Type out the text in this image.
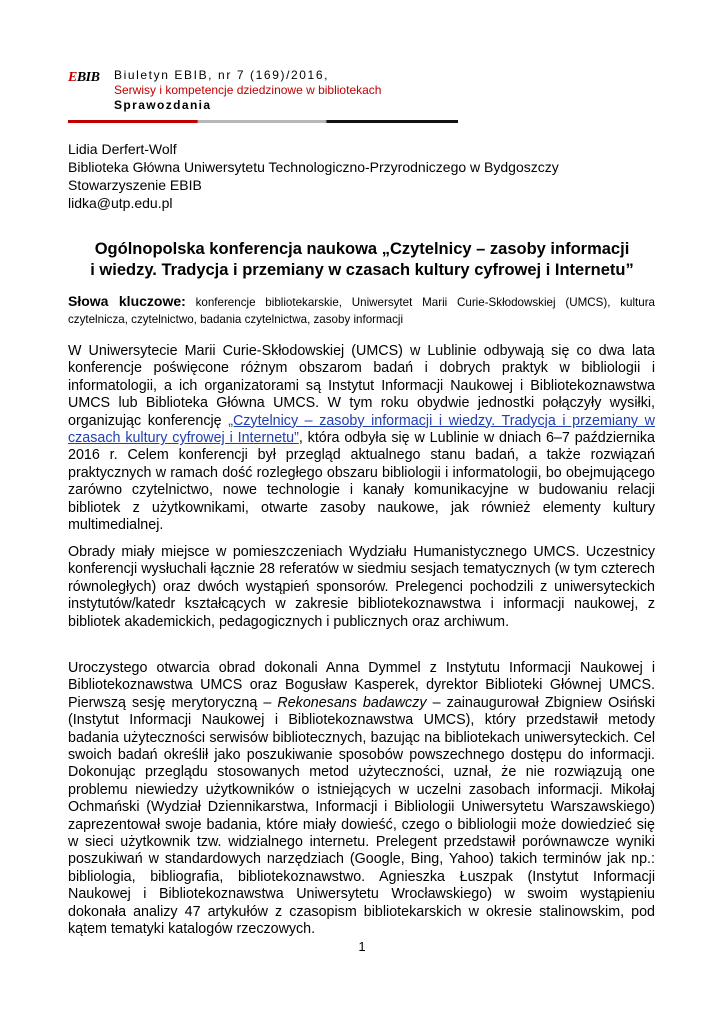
EBIB Biuletyn EBIB, nr 7 (169)/2016,
Serwisy i kompetencje dziedzinowe w bibliotekach
Sprawozdania
Lidia Derfert-Wolf
Biblioteka Główna Uniwersytetu Technologiczno-Przyrodniczego w Bydgoszczy
Stowarzyszenie EBIB
lidka@utp.edu.pl
Ogólnopolska konferencja naukowa „Czytelnicy – zasoby informacji
i wiedzy. Tradycja i przemiany w czasach kultury cyfrowej i Internetu”
Słowa kluczowe: konferencje bibliotekarskie, Uniwersytet Marii Curie-Skłodowskiej (UMCS), kultura czytelnicza, czytelnictwo, badania czytelnictwa, zasoby informacji
W Uniwersytecie Marii Curie-Skłodowskiej (UMCS) w Lublinie odbywają się co dwa lata konferencje poświęcone różnym obszarom badań i dobrych praktyk w bibliologii i informatologii, a ich organizatorami są Instytut Informacji Naukowej i Bibliotekoznawstwa UMCS lub Biblioteka Główna UMCS. W tym roku obydwie jednostki połączyły wysiłki, organizując konferencję „Czytelnicy – zasoby informacji i wiedzy. Tradycja i przemiany w czasach kultury cyfrowej i Internetu”, która odbyła się w Lublinie w dniach 6–7 października 2016 r. Celem konferencji był przegląd aktualnego stanu badań, a także rozwiązań praktycznych w ramach dość rozległego obszaru bibliologii i informatologii, bo obejmującego zarówno czytelnictwo, nowe technologie i kanały komunikacyjne w budowaniu relacji bibliotek z użytkownikami, otwarte zasoby naukowe, jak również elementy kultury multimedialnej.
Obrady miały miejsce w pomieszczeniach Wydziału Humanistycznego UMCS. Uczestnicy konferencji wysłuchali łącznie 28 referatów w siedmiu sesjach tematycznych (w tym czterech równoległych) oraz dwóch wystąpień sponsorów. Prelegenci pochodzili z uniwersyteckich instytutów/katedr kształcących w zakresie bibliotekoznawstwa i informacji naukowej, z bibliotek akademickich, pedagogicznych i publicznych oraz archiwum.
Uroczystego otwarcia obrad dokonali Anna Dymmel z Instytutu Informacji Naukowej i Bibliotekoznawstwa UMCS oraz Bogusław Kasperek, dyrektor Biblioteki Głównej UMCS. Pierwszą sesję merytoryczną – Rekonesans badawczy – zainaugurował Zbigniew Osiński (Instytut Informacji Naukowej i Bibliotekoznawstwa UMCS), który przedstawił metody badania użyteczności serwisów bibliotecznych, bazując na bibliotekach uniwersyteckich. Cel swoich badań określił jako poszukiwanie sposobów powszechnego dostępu do informacji. Dokonując przeglądu stosowanych metod użyteczności, uznał, że nie rozwiązują one problemu niewiedzy użytkowników o istniejących w uczelni zasobach informacji. Mikołaj Ochmański (Wydział Dziennikarstwa, Informacji i Bibliologii Uniwersytetu Warszawskiego) zaprezentował swoje badania, które miały dowieść, czego o bibliologii może dowiedzieć się w sieci użytkownik tzw. widzialnego internetu. Prelegent przedstawił porównawcze wyniki poszukiwań w standardowych narzędziach (Google, Bing, Yahoo) takich terminów jak np.: bibliologia, bibliografia, bibliotekoznawstwo. Agnieszka Łuszpak (Instytut Informacji Naukowej i Bibliotekoznawstwa Uniwersytetu Wrocławskiego) w swoim wystąpieniu dokonała analizy 47 artykułów z czasopism bibliotekarskich w okresie stalinowskim, pod kątem tematyki katalogów rzeczowych.
1
